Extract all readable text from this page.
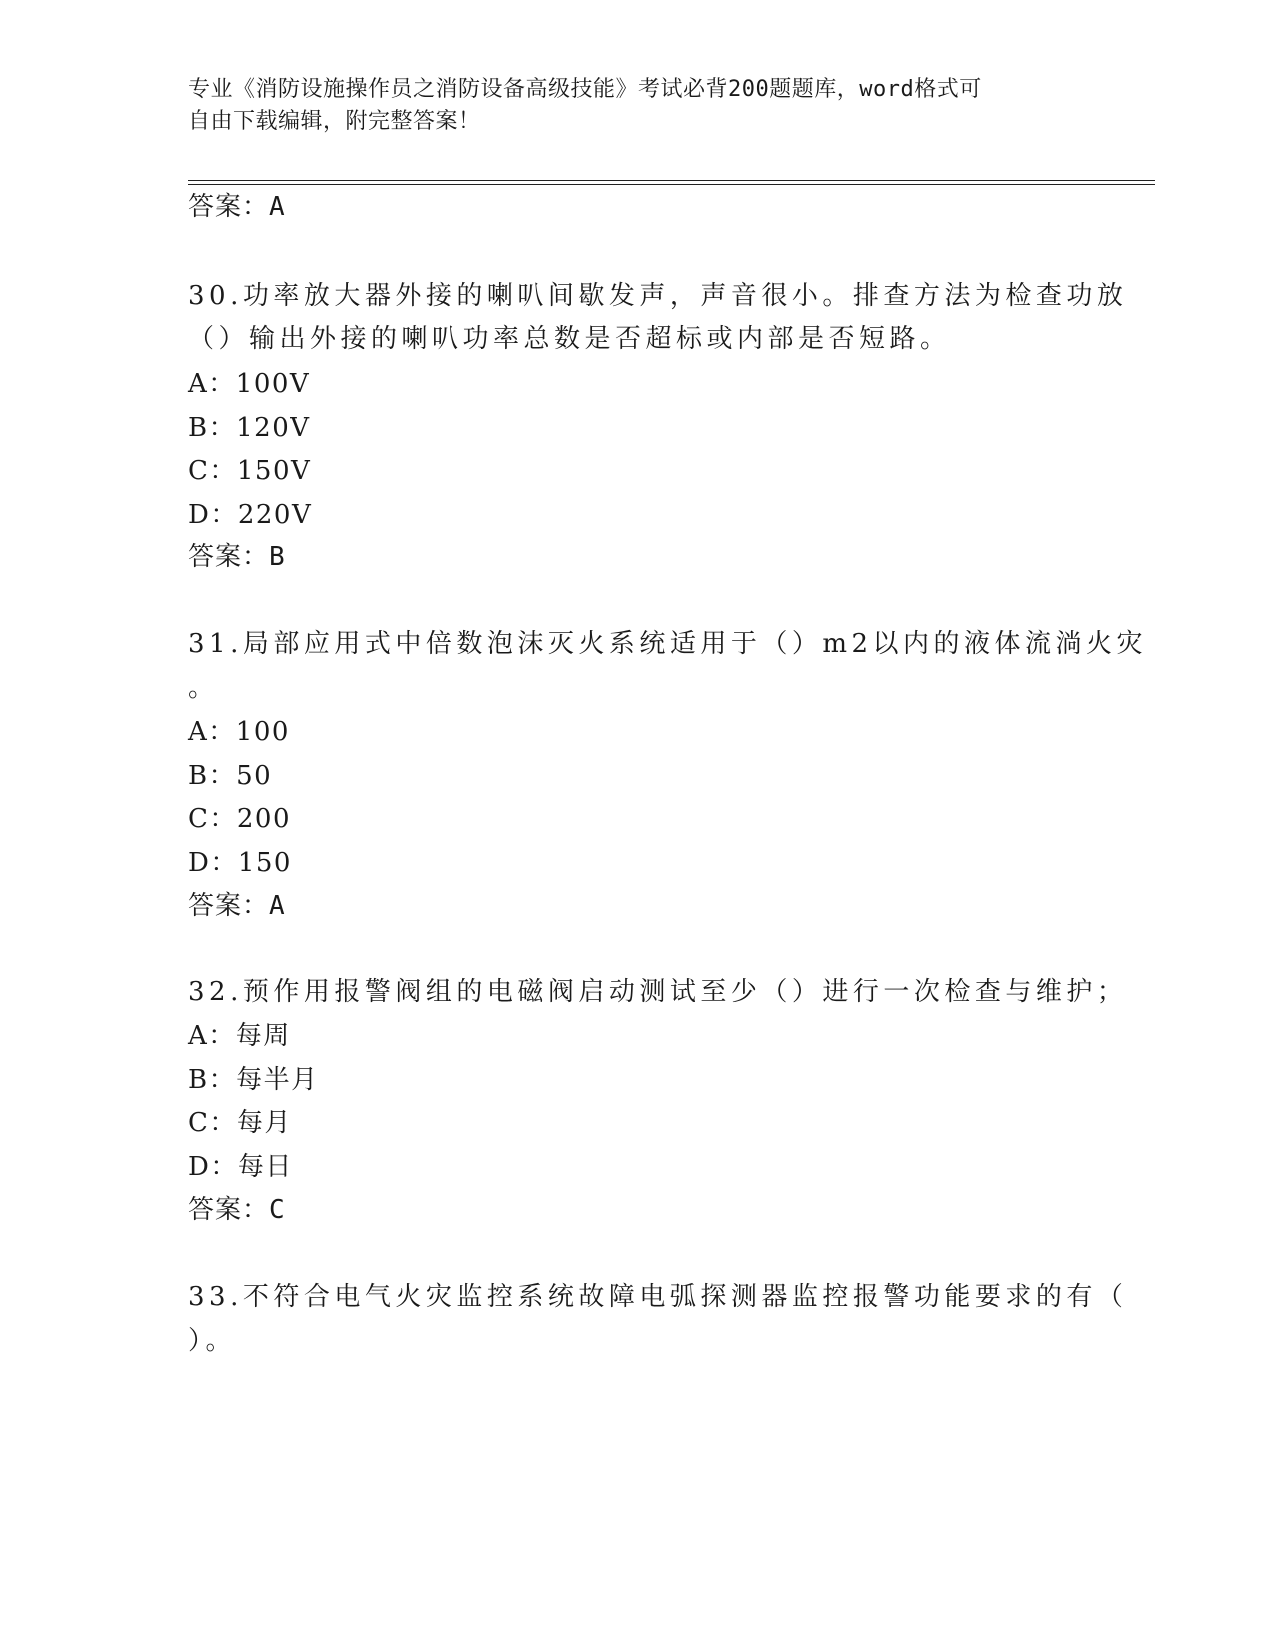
专业《消防设施操作员之消防设备高级技能》考试必背200题题库，word格式可
自由下载编辑，附完整答案！
答案：A
30.功率放大器外接的喇叭间歇发声，声音很小。排查方法为检查功放
（）输出外接的喇叭功率总数是否超标或内部是否短路。
A：100V
B：120V
C：150V
D：220V
答案：B
31.局部应用式中倍数泡沫灭火系统适用于（）m2以内的液体流淌火灾
。
A：100
B：50
C：200
D：150
答案：A
32.预作用报警阀组的电磁阀启动测试至少（）进行一次检查与维护；
A：每周
B：每半月
C：每月
D：每日
答案：C
33.不符合电气火灾监控系统故障电弧探测器监控报警功能要求的有（
）。
